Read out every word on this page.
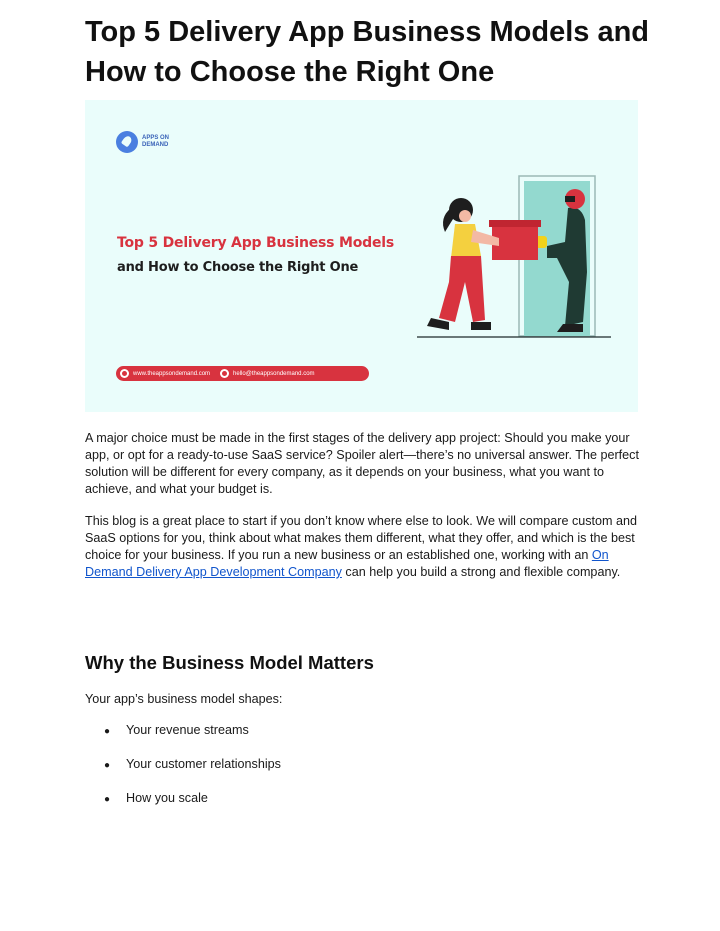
Top 5 Delivery App Business Models and How to Choose the Right One
APPS ON DEMAND
Top 5 Delivery App Business Models
and How to Choose the Right One
www.theappsondemand.com	hello@theappsondemand.com

A major choice must be made in the first stages of the delivery app project: Should you make your app, or opt for a ready-to-use SaaS service? Spoiler alert—there’s no universal answer. The perfect solution will be different for every company, as it depends on your business, what you want to achieve, and what your budget is.

This blog is a great place to start if you don’t know where else to look. We will compare custom and SaaS options for you, think about what makes them different, what they offer, and which is the best choice for your business. If you run a new business or an established one, working with an On Demand Delivery App Development Company can help you build a strong and flexible company.

Why the Business Model Matters

Your app’s business model shapes:

● Your revenue streams
● Your customer relationships
● How you scale
